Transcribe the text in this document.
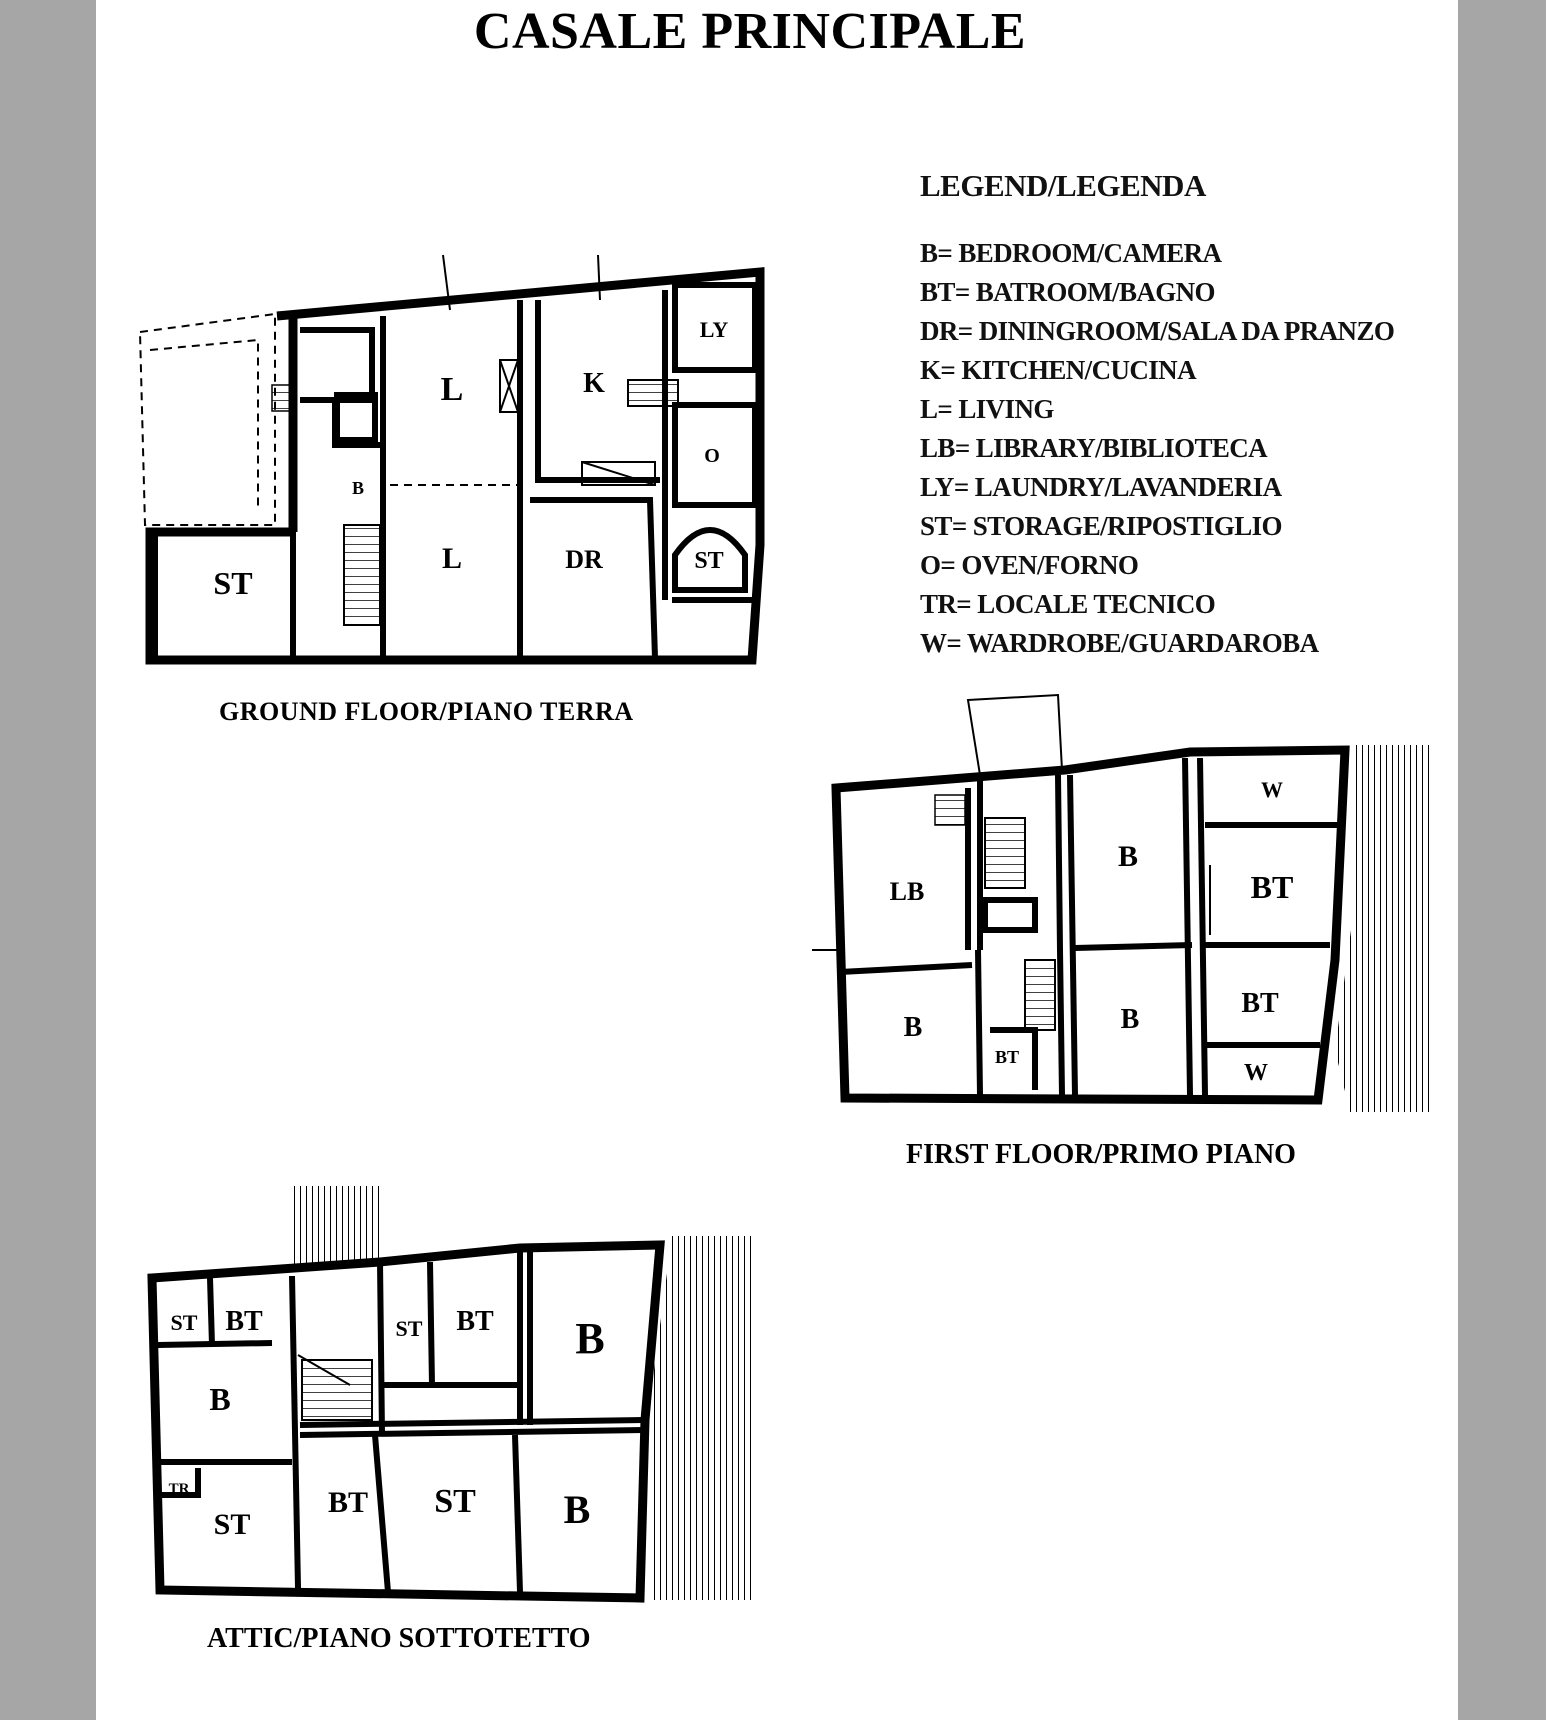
CASALE PRINCIPALE
LEGEND/LEGENDA
B= BEDROOM/CAMERA
BT= BATROOM/BAGNO
DR= DININGROOM/SALA DA PRANZO
K= KITCHEN/CUCINA
L= LIVING
LB= LIBRARY/BIBLIOTECA
LY= LAUNDRY/LAVANDERIA
ST= STORAGE/RIPOSTIGLIO
O= OVEN/FORNO
TR= LOCALE TECNICO
W= WARDROBE/GUARDAROBA
L	K
LY
O
B
L	DR	ST
ST
W
B
BT
LB
B
BT
B
BT
W
ST BT	ST BT B
B
TR
ST
BT ST B
GROUND FLOOR/PIANO TERRA
FIRST FLOOR/PRIMO PIANO
ATTIC/PIANO SOTTOTETTO
